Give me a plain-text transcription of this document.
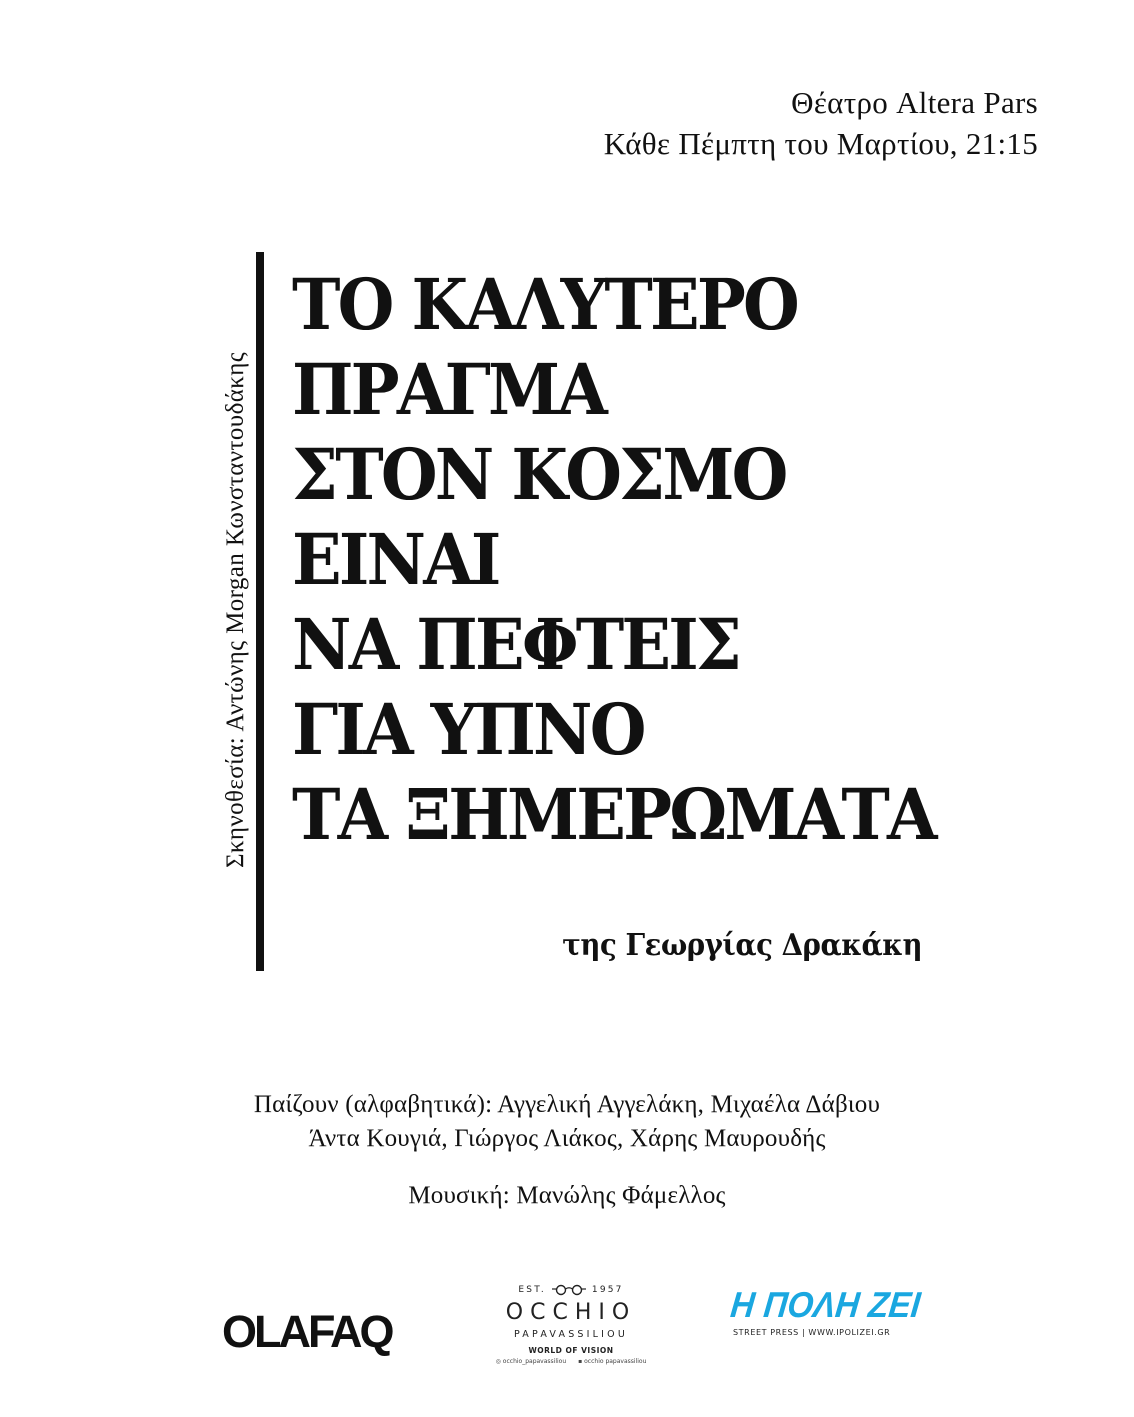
Θέατρο Altera Pars
Κάθε Πέμπτη του Μαρτίου, 21:15
Σκηνοθεσία: Αντώνης Morgan Κωνσταντουδάκης
ΤΟ ΚΑΛΥΤΕΡΟ
ΠΡΑΓΜΑ
ΣΤΟΝ ΚΟΣΜΟ
ΕΙΝΑΙ
ΝΑ ΠΕΦΤΕΙΣ
ΓΙΑ ΥΠΝΟ
ΤΑ ΞΗΜΕΡΩΜΑΤΑ
της Γεωργίας Δρακάκη
Παίζουν (αλφαβητικά): Αγγελική Αγγελάκη, Μιχαέλα Δάβιου
Άντα Κουγιά, Γιώργος Λιάκος, Χάρης Μαυρουδής
Μουσική: Μανώλης Φάμελλος
OLAFAQ
EST.	1957
OCCHIO
PAPAVASSILIOU
WORLD OF VISION
◎ occhio_papavassiliou ▪ occhio papavassiliou
Η ΠΟΛΗ ΖΕΙ
STREET PRESS | WWW.IPOLIZEI.GR
